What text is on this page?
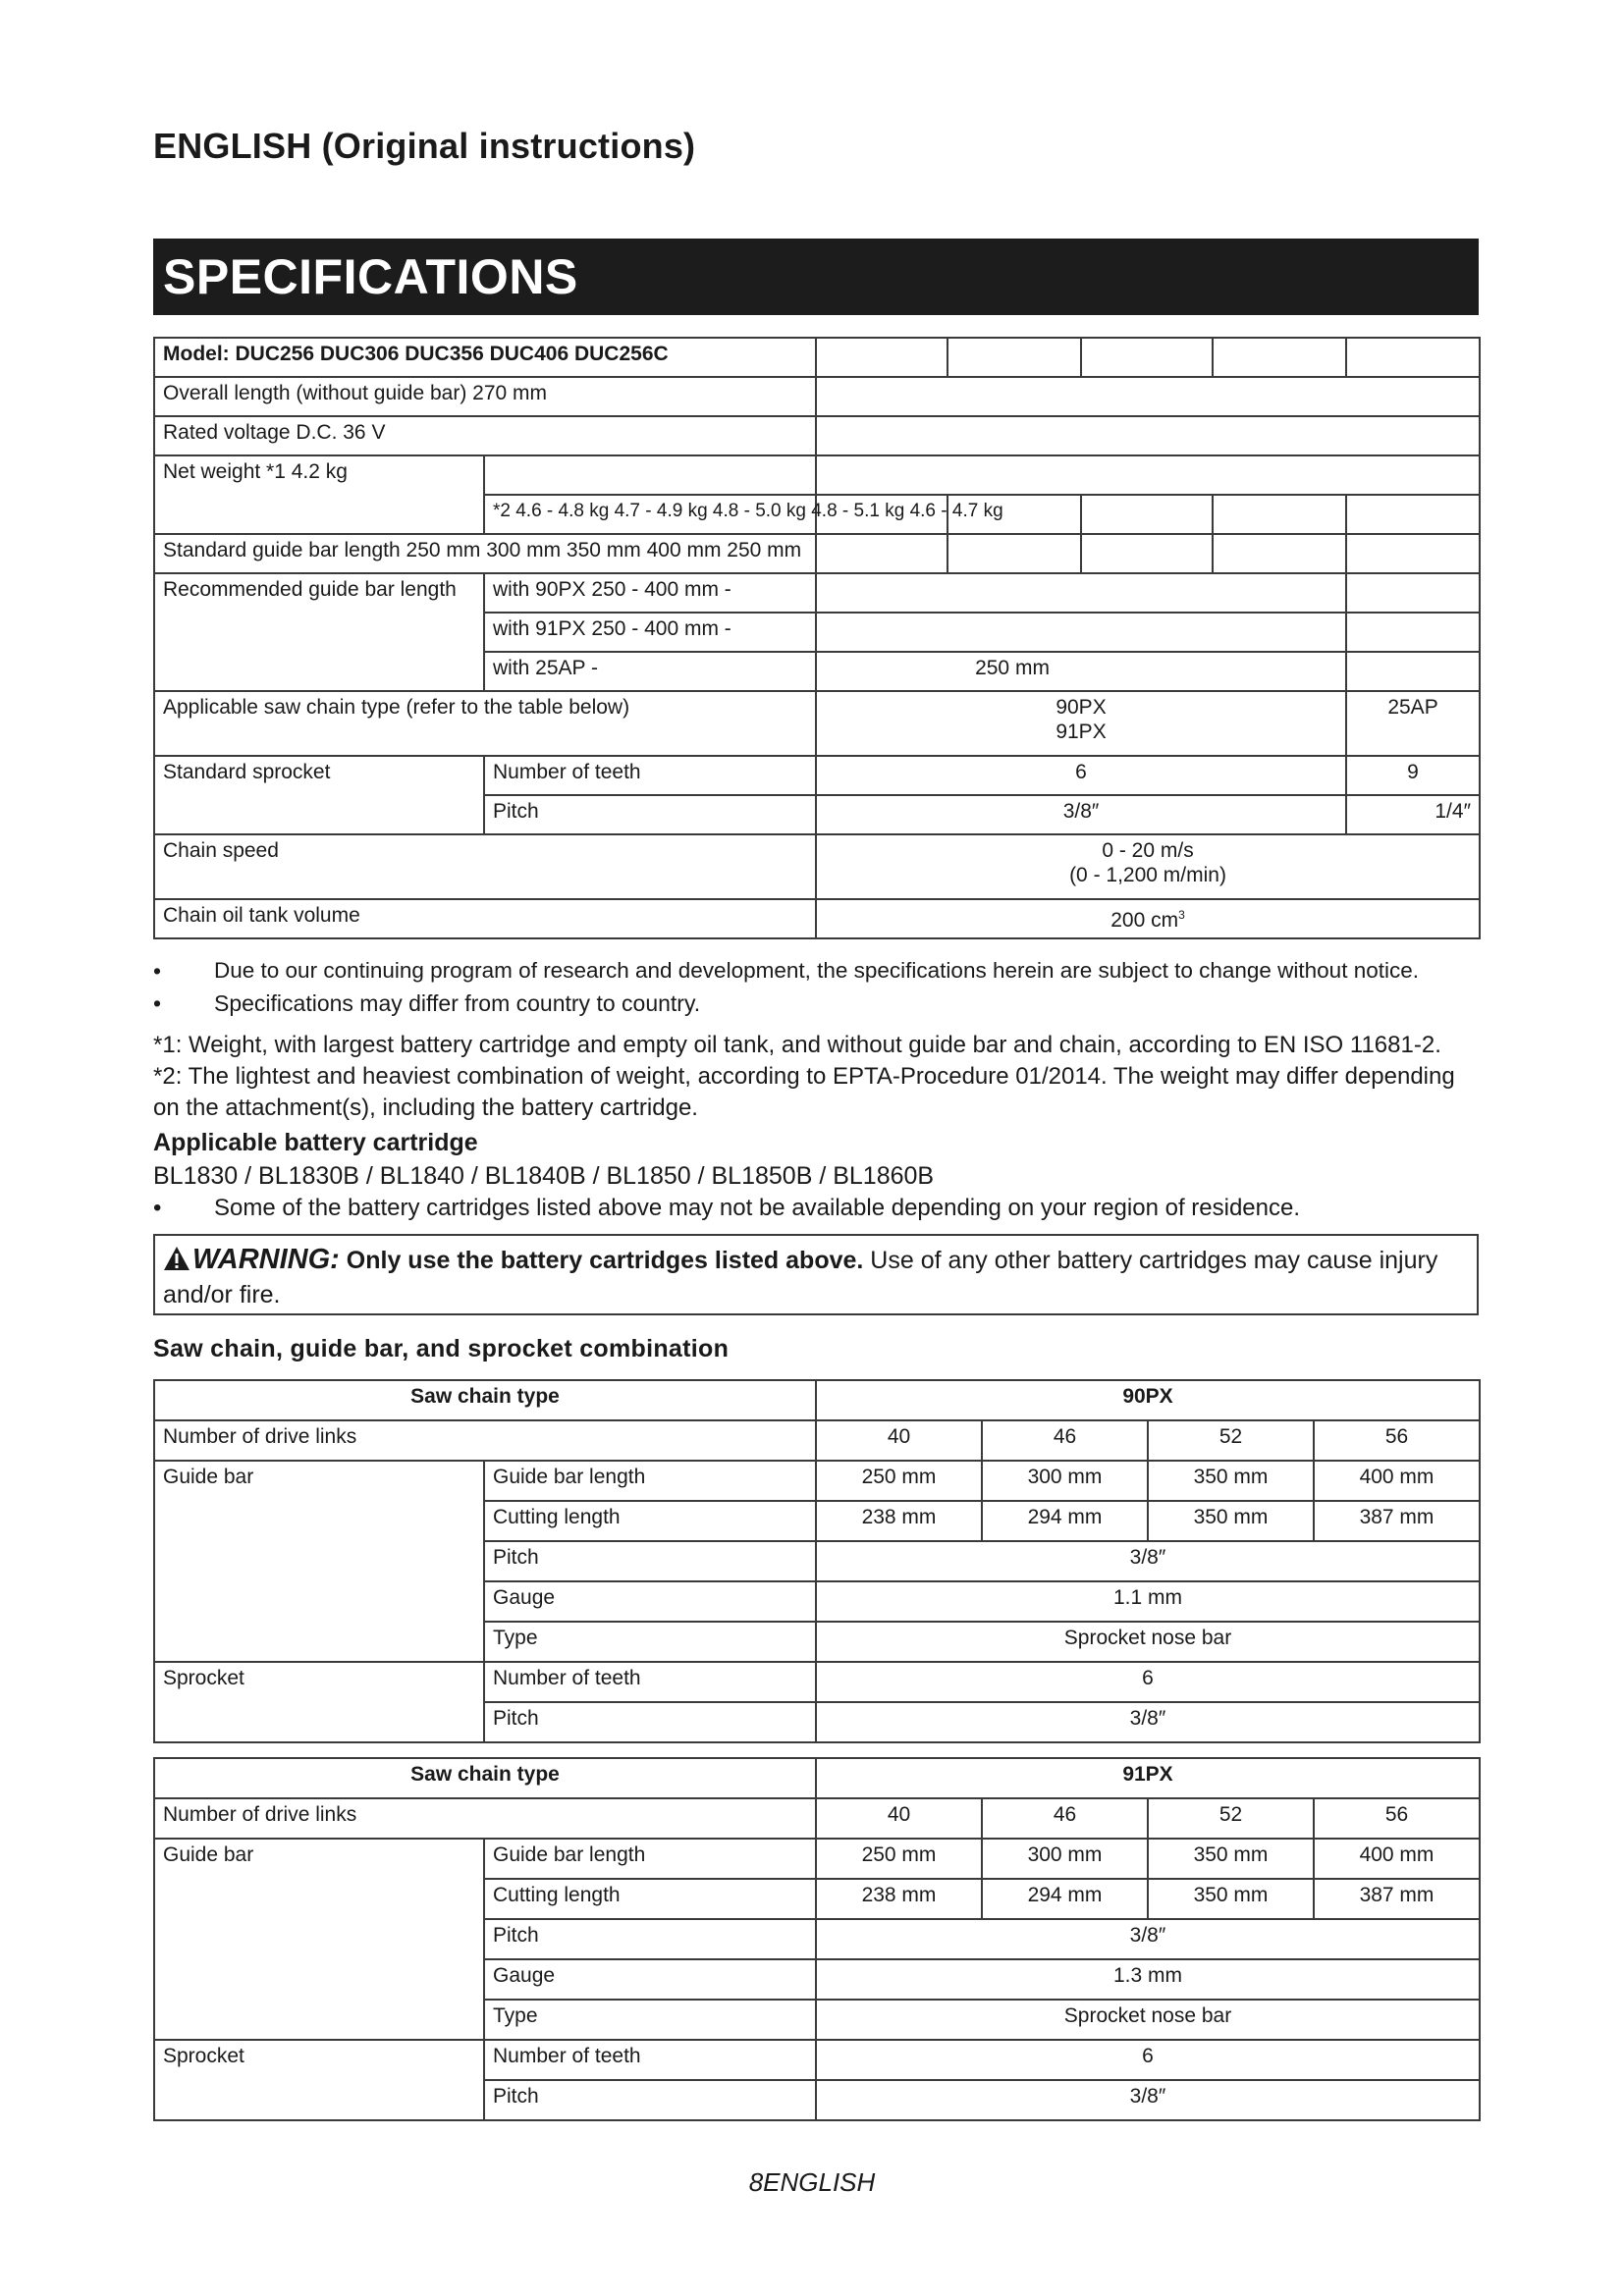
ENGLISH (Original instructions)
SPECIFICATIONS
Model: DUC256 DUC306 DUC356 DUC406 DUC256C						
Overall length (without guide bar) 270 mm						
Rated voltage D.C. 36 V						
Net weight *1 4.2 kg						
	*2 4.6 - 4.8 kg 4.7 - 4.9 kg 4.8 - 5.0 kg 4.8 - 5.1 kg 4.6 - 4.7 kg					
Standard guide bar length 250 mm 300 mm 350 mm 400 mm 250 mm						
Recommended guide bar length	with 90PX 250 - 400 mm -					
	with 91PX 250 - 400 mm -					
	with 25AP -	250 mm				
Applicable saw chain type (refer to the table below)		90PX 91PX				25AP
Standard sprocket	Number of teeth	6				9
	Pitch	3/8″				1/4″
Chain speed		0 - 20 m/s
(0 - 1,200 m/min)				

Chain oil tank volume		200 $cm^3$
• Due to our continuing program of research and development, the specifications herein are subject to change without notice.
• Specifications may differ from country to country.
*1: Weight, with largest battery cartridge and empty oil tank, and without guide bar and chain, according to EN ISO 11681-2.
*2: The lightest and heaviest combination of weight, according to EPTA-Procedure 01/2014. The weight may differ depending on the attachment(s), including the battery cartridge.
Applicable battery cartridge
BL1830 / BL1830B / BL1840 / BL1840B / BL1850 / BL1850B / BL1860B
• Some of the battery cartridges listed above may not be available depending on your region of residence.
WARNING: Only use the battery cartridges listed above. Use of any other battery cartridges may cause injury and/or fire.
Saw chain, guide bar, and sprocket combination
Saw chain type		90PX			
Number of drive links		40	46	52	56
Guide bar	Guide bar length	250 mm	300 mm	350 mm	400 mm
	Cutting length	238 mm	294 mm	350 mm	387 mm
	Pitch	3/8″			
	Gauge	1.1 mm			
	Type	Sprocket nose bar			
Sprocket	Number of teeth	6			
	Pitch	3/8″			
Saw chain type		91PX			
Number of drive links		40	46	52	56
Guide bar	Guide bar length	250 mm	300 mm	350 mm	400 mm
	Cutting length	238 mm	294 mm	350 mm	387 mm
	Pitch	3/8″			
	Gauge	1.3 mm			
	Type	Sprocket nose bar			
Sprocket	Number of teeth	6			
	Pitch	3/8″			
8ENGLISH
